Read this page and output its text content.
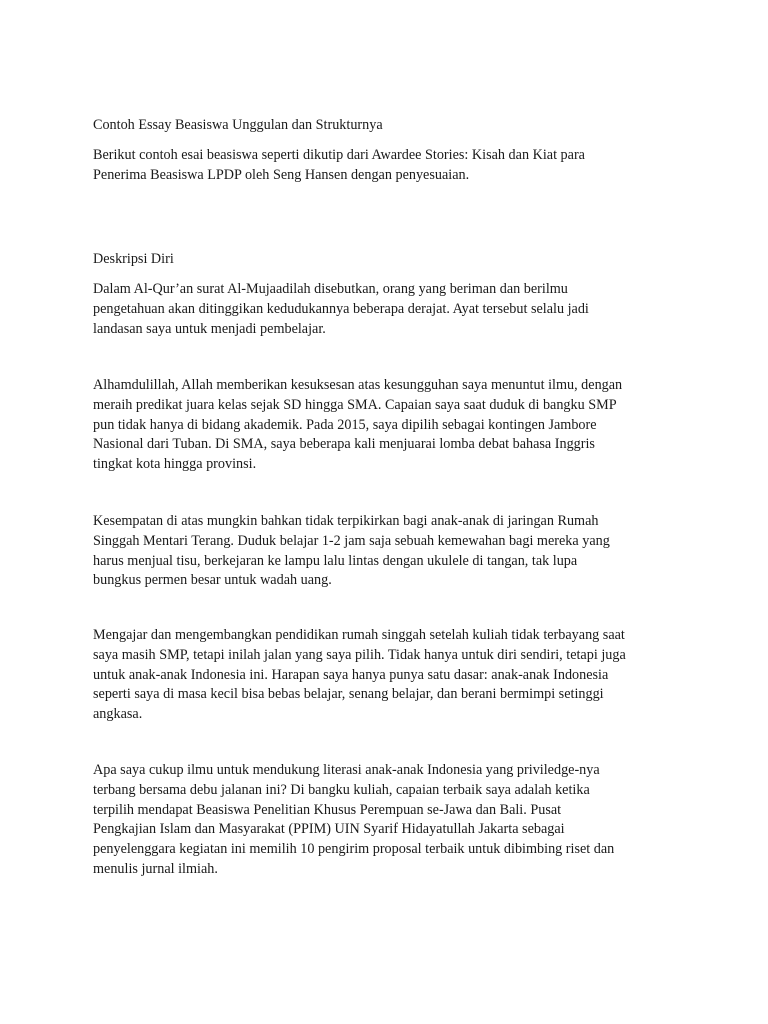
Contoh Essay Beasiswa Unggulan dan Strukturnya

Berikut contoh esai beasiswa seperti dikutip dari Awardee Stories: Kisah dan Kiat para
Penerima Beasiswa LPDP oleh Seng Hansen dengan penyesuaian.

Deskripsi Diri

Dalam Al-Qur’an surat Al-Mujaadilah disebutkan, orang yang beriman dan berilmu
pengetahuan akan ditinggikan kedudukannya beberapa derajat. Ayat tersebut selalu jadi
landasan saya untuk menjadi pembelajar.

Alhamdulillah, Allah memberikan kesuksesan atas kesungguhan saya menuntut ilmu, dengan
meraih predikat juara kelas sejak SD hingga SMA. Capaian saya saat duduk di bangku SMP
pun tidak hanya di bidang akademik. Pada 2015, saya dipilih sebagai kontingen Jambore
Nasional dari Tuban. Di SMA, saya beberapa kali menjuarai lomba debat bahasa Inggris
tingkat kota hingga provinsi.

Kesempatan di atas mungkin bahkan tidak terpikirkan bagi anak-anak di jaringan Rumah
Singgah Mentari Terang. Duduk belajar 1-2 jam saja sebuah kemewahan bagi mereka yang
harus menjual tisu, berkejaran ke lampu lalu lintas dengan ukulele di tangan, tak lupa
bungkus permen besar untuk wadah uang.

Mengajar dan mengembangkan pendidikan rumah singgah setelah kuliah tidak terbayang saat
saya masih SMP, tetapi inilah jalan yang saya pilih. Tidak hanya untuk diri sendiri, tetapi juga
untuk anak-anak Indonesia ini. Harapan saya hanya punya satu dasar: anak-anak Indonesia
seperti saya di masa kecil bisa bebas belajar, senang belajar, dan berani bermimpi setinggi
angkasa.

Apa saya cukup ilmu untuk mendukung literasi anak-anak Indonesia yang priviledge-nya
terbang bersama debu jalanan ini? Di bangku kuliah, capaian terbaik saya adalah ketika
terpilih mendapat Beasiswa Penelitian Khusus Perempuan se-Jawa dan Bali. Pusat
Pengkajian Islam dan Masyarakat (PPIM) UIN Syarif Hidayatullah Jakarta sebagai
penyelenggara kegiatan ini memilih 10 pengirim proposal terbaik untuk dibimbing riset dan
menulis jurnal ilmiah.
